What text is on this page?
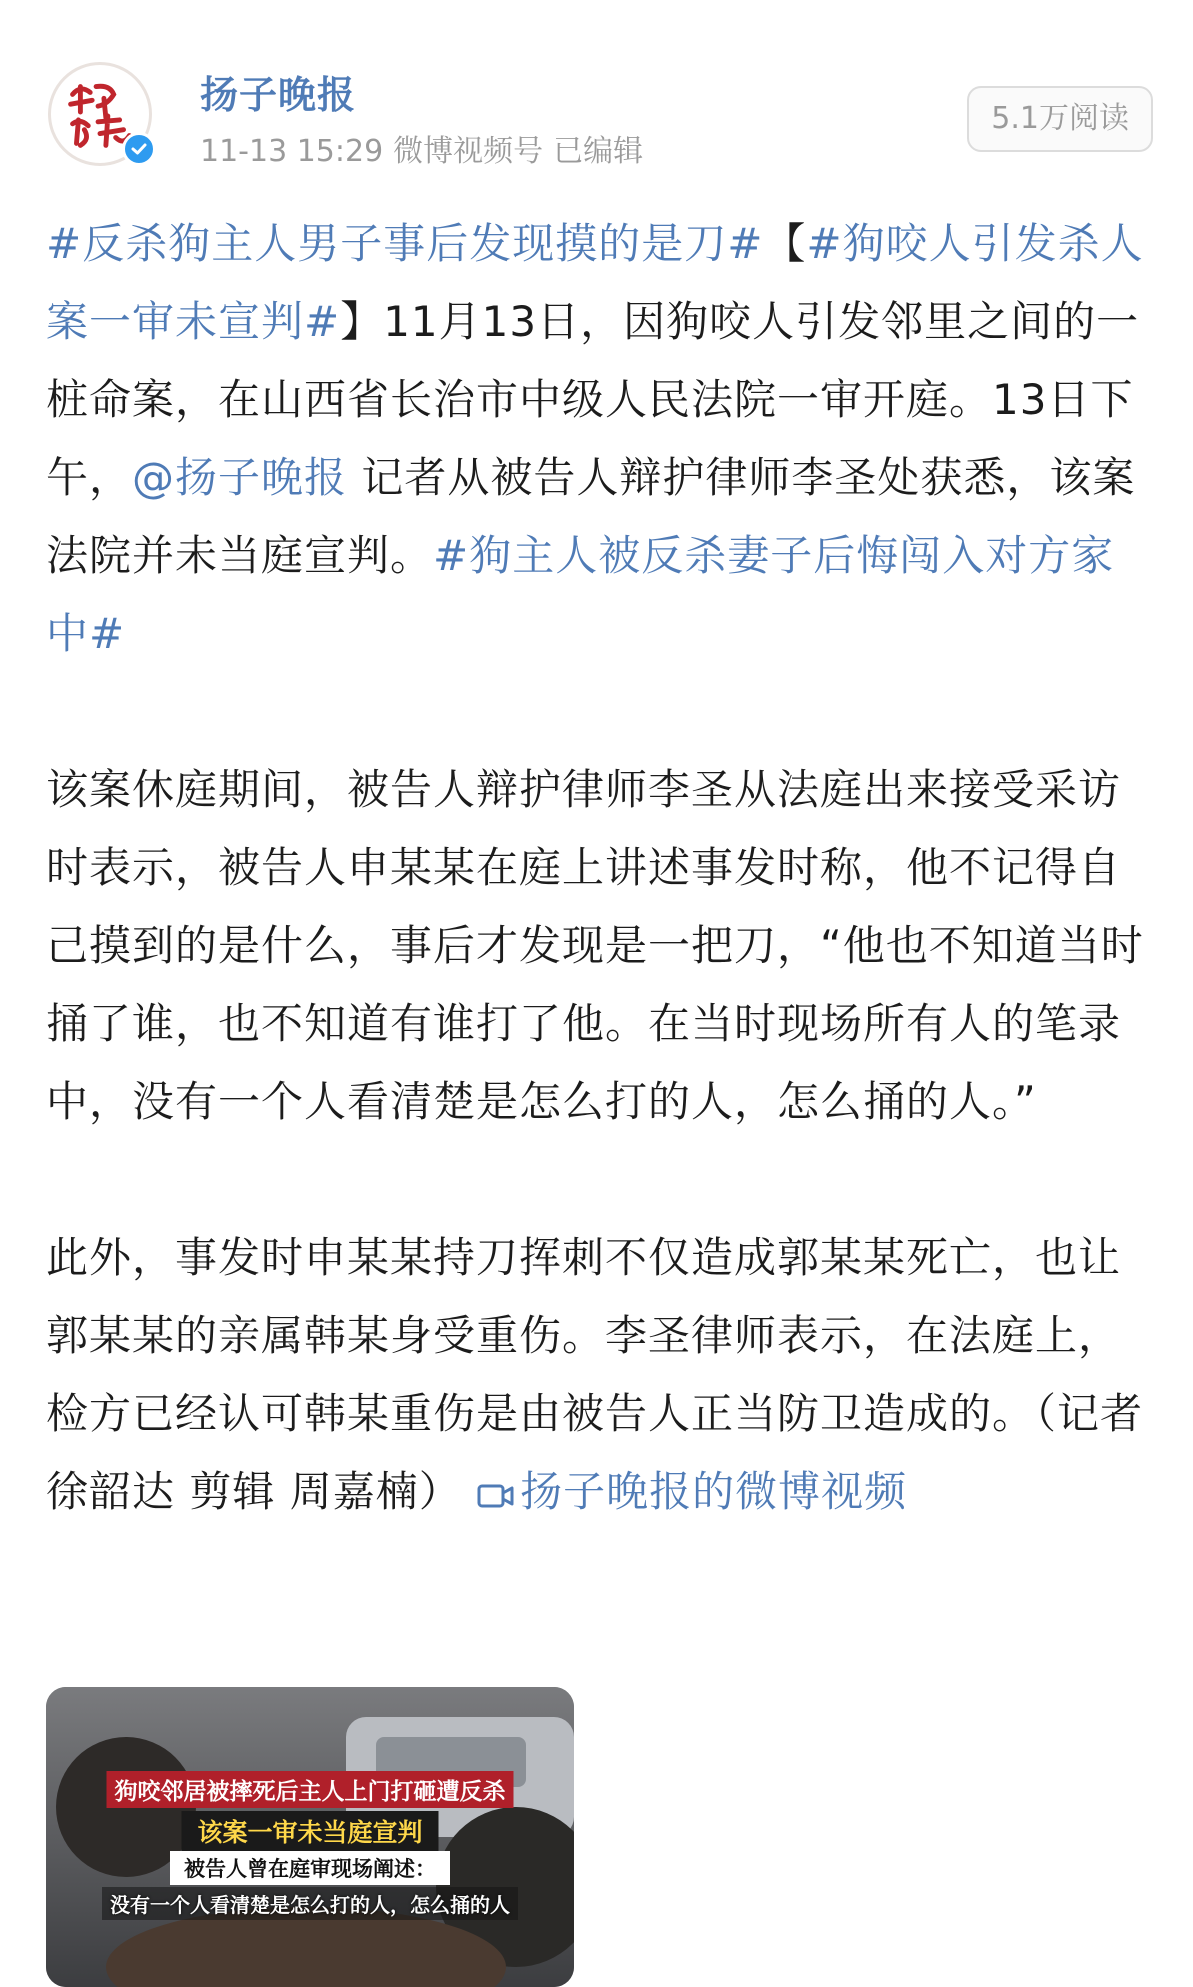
扬子晚报
11-13 15:29 微博视频号 已编辑
5.1万阅读

#反杀狗主人男子事后发现摸的是刀#【#狗咬人引发杀人案一审未宣判#】11月13日，因狗咬人引发邻里之间的一桩命案，在山西省长治市中级人民法院一审开庭。13日下午，@扬子晚报 记者从被告人辩护律师李圣处获悉，该案法院并未当庭宣判。#狗主人被反杀妻子后悔闯入对方家中#

该案休庭期间，被告人辩护律师李圣从法庭出来接受采访时表示，被告人申某某在庭上讲述事发时称，他不记得自己摸到的是什么，事后才发现是一把刀，“他也不知道当时捅了谁，也不知道有谁打了他。在当时现场所有人的笔录中，没有一个人看清楚是怎么打的人，怎么捅的人。”

此外，事发时申某某持刀挥刺不仅造成郭某某死亡，也让郭某某的亲属韩某身受重伤。李圣律师表示，在法庭上，检方已经认可韩某重伤是由被告人正当防卫造成的。（记者 徐韶达 剪辑 周嘉楠） 扬子晚报的微博视频

狗咬邻居被摔死后主人上门打砸遭反杀
该案一审未当庭宣判
被告人曾在庭审现场阐述：
没有一个人看清楚是怎么打的人，怎么捅的人
